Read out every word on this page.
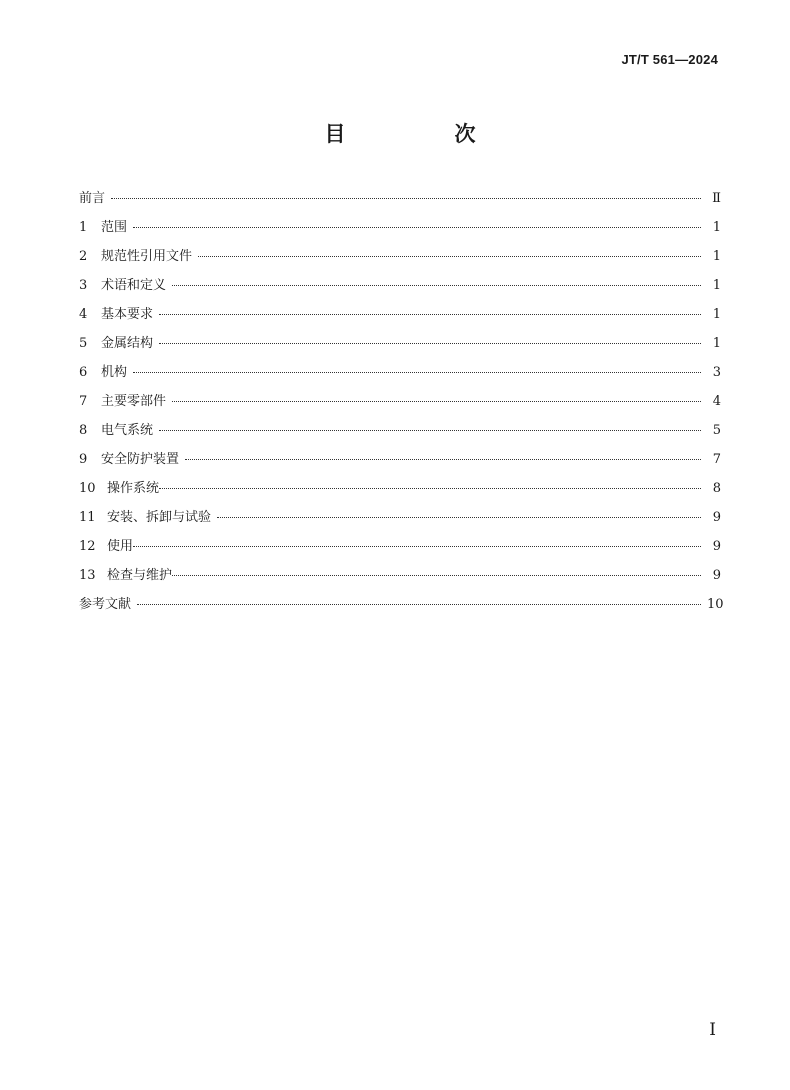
JT/T 561—2024
目　次
前言	Ⅱ
1	范围	1
2	规范性引用文件	1
3	术语和定义	1
4	基本要求	1
5	金属结构	1
6	机构	3
7	主要零部件	4
8	电气系统	5
9	安全防护装置	7
10 操作系统	8
11 安装、拆卸与试验	9
12 使用	9
13 检查与维护	9
参考文献	10
I
